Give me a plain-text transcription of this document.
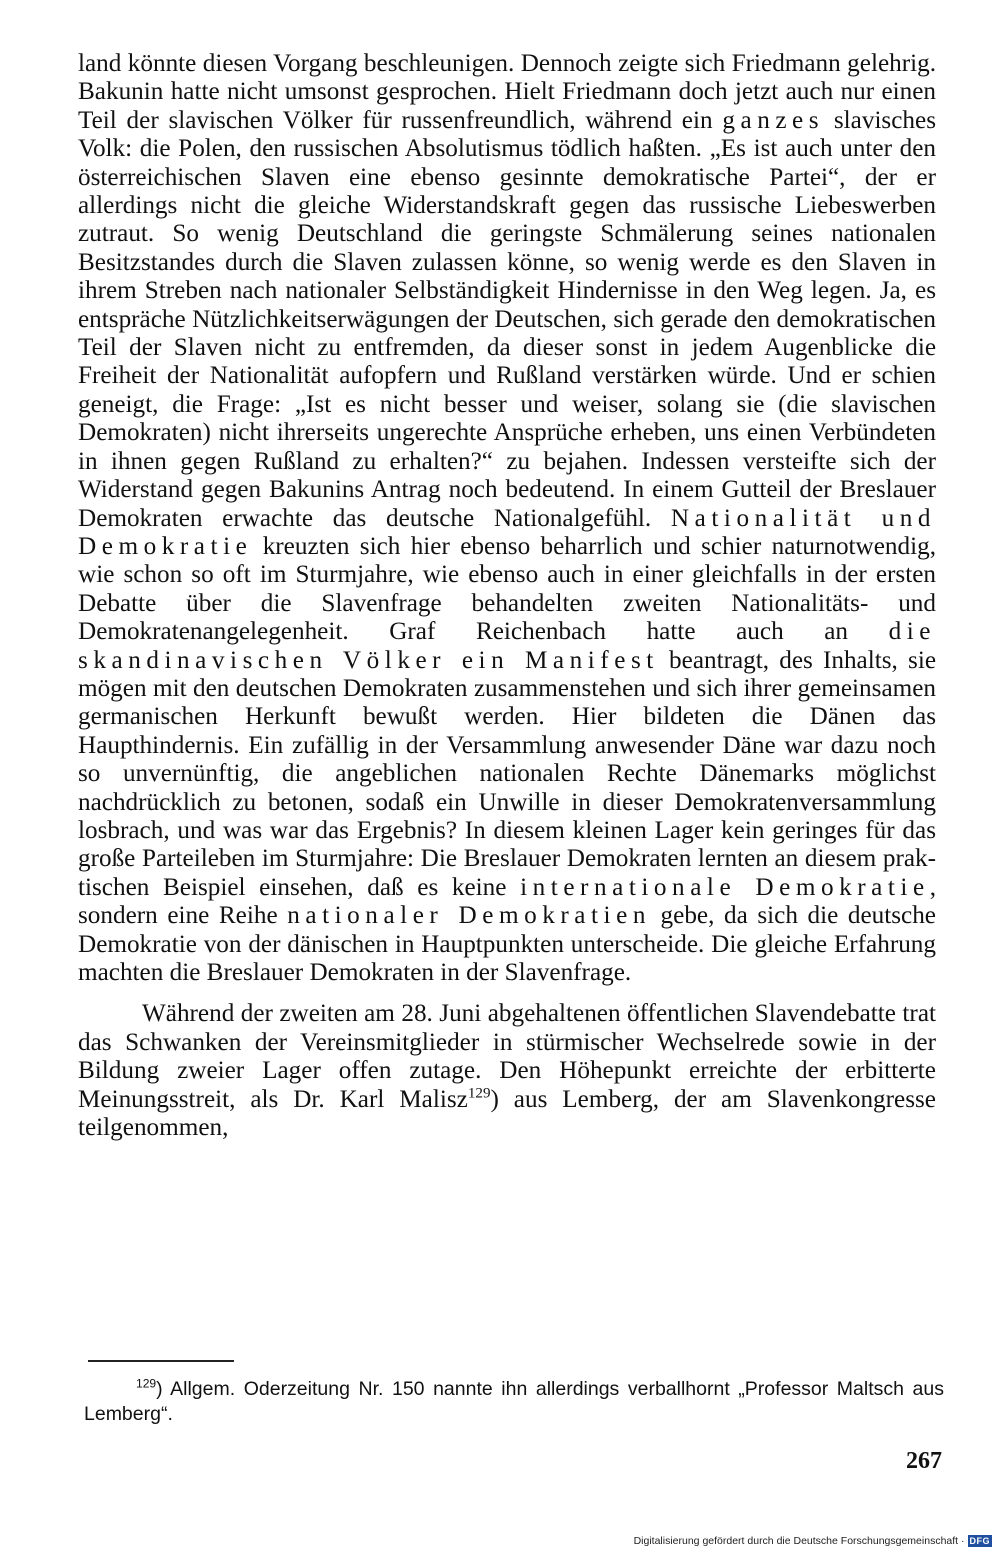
land könnte diesen Vorgang beschleunigen. Dennoch zeigte sich Friedmann gelehrig. Bakunin hatte nicht umsonst gesprochen. Hielt Friedmann doch jetzt auch nur einen Teil der slavischen Völker für russenfreundlich, während ein ganzes slavisches Volk: die Polen, den russischen Absolutismus tödlich haßten. „Es ist auch unter den österreichischen Slaven eine ebenso gesinnte demokratische Partei“, der er allerdings nicht die gleiche Widerstandskraft gegen das russische Liebeswerben zutraut. So wenig Deutschland die geringste Schmälerung seines nationalen Besitzstandes durch die Slaven zulassen könne, so wenig werde es den Slaven in ihrem Streben nach nationaler Selbständigkeit Hindernisse in den Weg legen. Ja, es entspräche Nützlichkeitserwägungen der Deutschen, sich gerade den demokratischen Teil der Slaven nicht zu entfremden, da dieser sonst in jedem Augenblicke die Freiheit der Nationalität aufopfern und Rußland verstärken würde. Und er schien geneigt, die Frage: „Ist es nicht besser und weiser, solang sie (die slavischen Demokraten) nicht ihrerseits ungerechte Ansprüche erheben, uns einen Verbündeten in ihnen gegen Rußland zu erhalten?“ zu bejahen. Indessen versteifte sich der Widerstand gegen Bakunins Antrag noch bedeutend. In einem Gutteil der Breslauer Demokraten erwachte das deutsche Nationalgefühl. Nationalität und Demokratie kreuzten sich hier ebenso beharrlich und schier naturnotwendig, wie schon so oft im Sturmjahre, wie ebenso auch in einer gleichfalls in der ersten Debatte über die Slavenfrage behandelten zweiten Nationalitäts- und Demokratenangelegenheit. Graf Reichenbach hatte auch an die skandinavischen Völker ein Manifest beantragt, des Inhalts, sie mögen mit den deutschen Demokraten zusammenstehen und sich ihrer gemeinsamen germanischen Herkunft bewußt werden. Hier bildeten die Dänen das Haupthindernis. Ein zufällig in der Versammlung anwesender Däne war dazu noch so unvernünftig, die angeblichen nationalen Rechte Dänemarks möglichst nachdrücklich zu betonen, sodaß ein Unwille in dieser Demokratenversammlung losbrach, und was war das Ergebnis? In diesem kleinen Lager kein geringes für das große Parteileben im Sturmjahre: Die Breslauer Demokraten lernten an diesem praktischen Beispiel einsehen, daß es keine internationale Demokratie, sondern eine Reihe nationaler Demokratien gebe, da sich die deutsche Demokratie von der dänischen in Hauptpunkten unterscheide. Die gleiche Erfahrung machten die Breslauer Demokraten in der Slavenfrage.

Während der zweiten am 28. Juni abgehaltenen öffentlichen Slavendebatte trat das Schwanken der Vereinsmitglieder in stürmischer Wechselrede sowie in der Bildung zweier Lager offen zutage. Den Höhepunkt erreichte der erbitterte Meinungsstreit, als Dr. Karl Malisz$^{129}$) aus Lemberg, der am Slavenkongresse teilgenommen,

$^{129}$) Allgem. Oderzeitung Nr. 150 nannte ihn allerdings verballhornt „Professor Maltsch aus Lemberg“.

267
Digitalisierung gefördert durch die Deutsche Forschungsgemeinschaft · DFG
